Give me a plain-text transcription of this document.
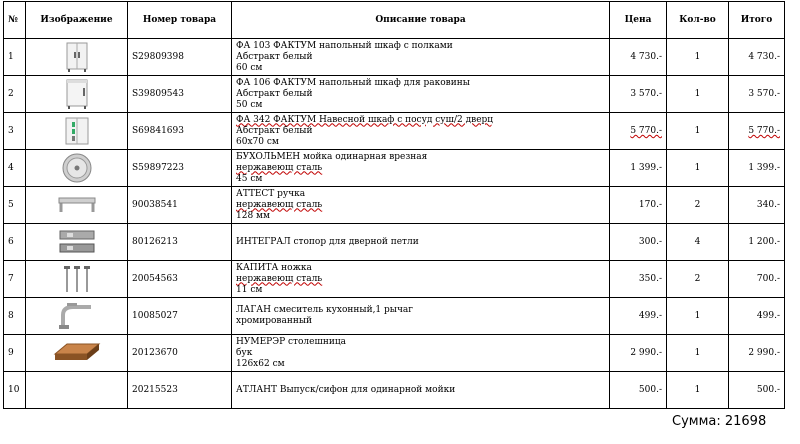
№	Изображение	Номер товара	Описание товара	Цена	Кол-во	Итого
1		S29809398	ФА 103 ФАКТУМ напольный шкаф с полками
Абстракт белый
60 см	4 730.-	1	4 730.-
2		S39809543	ФА 106 ФАКТУМ напольный шкаф для раковины
Абстракт белый
50 см	3 570.-	1	3 570.-
3		S69841693	ФА 342 ФАКТУМ Навесной шкаф с посуд суш/2 дверц
Абстракт белый
60x70 см	5 770.-	1	5 770.-
4		S59897223	БУХОЛЬМЕН мойка одинарная врезная
нержавеющ сталь
45 см	1 399.-	1	1 399.-
5		90038541	АТТЕСТ ручка
нержавеющ сталь
128 мм	170.-	2	340.-
6		80126213	ИНТЕГРАЛ стопор для дверной петли	300.-	4	1 200.-
7		20054563	КАПИТА ножка
нержавеющ сталь
11 см	350.-	2	700.-
8		10085027	ЛАГАН смеситель кухонный,1 рычаг
хромированный	499.-	1	499.-
9		20123670	НУМЕРЭР столешница
бук
126x62 см	2 990.-	1	2 990.-
10		20215523	АТЛАНТ Выпуск/сифон для одинарной мойки	500.-	1	500.-
Сумма: 21698
